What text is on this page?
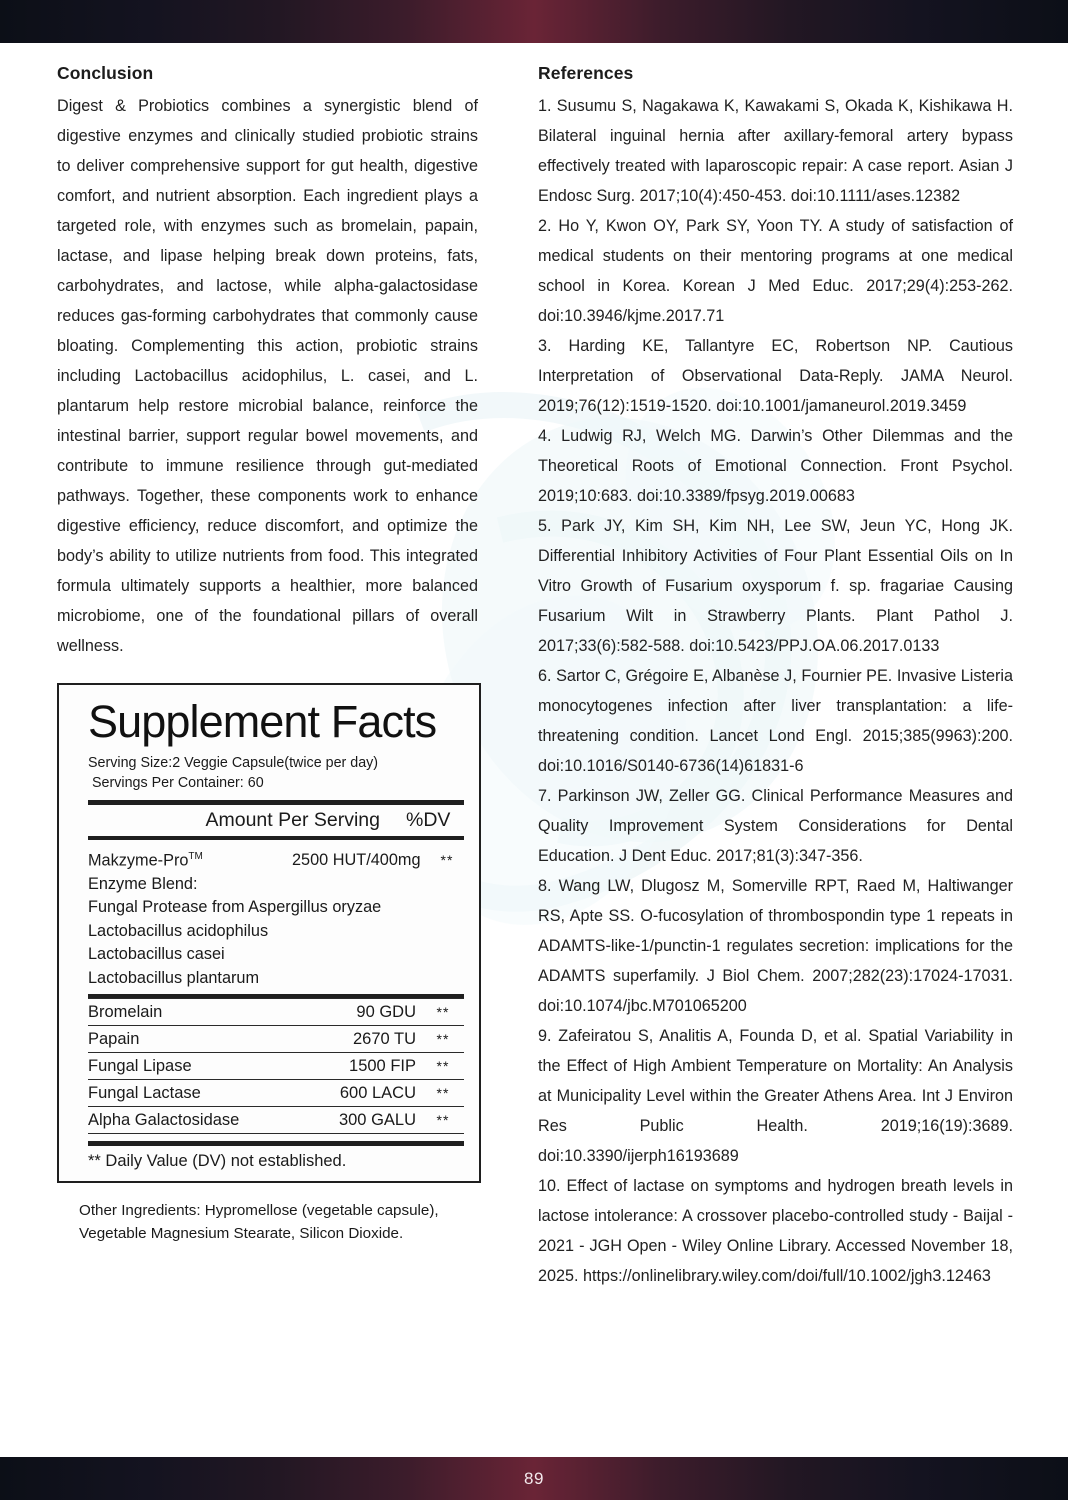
Conclusion

Digest & Probiotics combines a synergistic blend of digestive enzymes and clinically studied probiotic strains to deliver comprehensive support for gut health, digestive comfort, and nutrient absorption. Each ingredient plays a targeted role, with enzymes such as bromelain, papain, lactase, and lipase helping break down proteins, fats, carbohydrates, and lactose, while alpha-galactosidase reduces gas-forming carbohydrates that commonly cause bloating. Complementing this action, probiotic strains including Lactobacillus acidophilus, L. casei, and L. plantarum help restore microbial balance, reinforce the intestinal barrier, support regular bowel movements, and contribute to immune resilience through gut-mediated pathways. Together, these components work to enhance digestive efficiency, reduce discomfort, and optimize the body’s ability to utilize nutrients from food. This integrated formula ultimately supports a healthier, more balanced microbiome, one of the foundational pillars of overall wellness.

Supplement Facts
Serving Size:2 Veggie Capsule(twice per day)
Servings Per Container: 60
Amount Per Serving %DV
Makzyme-Pro™	2500 HUT/400mg	**
Enzyme Blend:
Fungal Protease from Aspergillus oryzae
Lactobacillus acidophilus
Lactobacillus casei
Lactobacillus plantarum
Bromelain	90 GDU	**
Papain	2670 TU	**
Fungal Lipase	1500 FIP	**
Fungal Lactase	600 LACU	**
Alpha Galactosidase	300 GALU	**
** Daily Value (DV) not established.
Other Ingredients: Hypromellose (vegetable capsule), Vegetable Magnesium Stearate, Silicon Dioxide.
References
1. Susumu S, Nagakawa K, Kawakami S, Okada K, Kishikawa H. Bilateral inguinal hernia after axillary-femoral artery bypass effectively treated with laparoscopic repair: A case report. Asian J Endosc Surg. 2017;10(4):450-453. doi:10.1111/ases.12382
2. Ho Y, Kwon OY, Park SY, Yoon TY. A study of satisfaction of medical students on their mentoring programs at one medical school in Korea. Korean J Med Educ. 2017;29(4):253-262. doi:10.3946/kjme.2017.71
3. Harding KE, Tallantyre EC, Robertson NP. Cautious Interpretation of Observational Data-Reply. JAMA Neurol. 2019;76(12):1519-1520. doi:10.1001/jamaneurol.2019.3459
4. Ludwig RJ, Welch MG. Darwin’s Other Dilemmas and the Theoretical Roots of Emotional Connection. Front Psychol. 2019;10:683. doi:10.3389/fpsyg.2019.00683
5. Park JY, Kim SH, Kim NH, Lee SW, Jeun YC, Hong JK. Differential Inhibitory Activities of Four Plant Essential Oils on In Vitro Growth of Fusarium oxysporum f. sp. fragariae Causing Fusarium Wilt in Strawberry Plants. Plant Pathol J. 2017;33(6):582-588. doi:10.5423/PPJ.OA.06.2017.0133
6. Sartor C, Grégoire E, Albanèse J, Fournier PE. Invasive Listeria monocytogenes infection after liver transplantation: a life-threatening condition. Lancet Lond Engl. 2015;385(9963):200. doi:10.1016/S0140-6736(14)61831-6
7. Parkinson JW, Zeller GG. Clinical Performance Measures and Quality Improvement System Considerations for Dental Education. J Dent Educ. 2017;81(3):347-356.
8. Wang LW, Dlugosz M, Somerville RPT, Raed M, Haltiwanger RS, Apte SS. O-fucosylation of thrombospondin type 1 repeats in ADAMTS-like-1/punctin-1 regulates secretion: implications for the ADAMTS superfamily. J Biol Chem. 2007;282(23):17024-17031. doi:10.1074/jbc.M701065200
9. Zafeiratou S, Analitis A, Founda D, et al. Spatial Variability in the Effect of High Ambient Temperature on Mortality: An Analysis at Municipality Level within the Greater Athens Area. Int J Environ Res Public Health. 2019;16(19):3689. doi:10.3390/ijerph16193689
10. Effect of lactase on symptoms and hydrogen breath levels in lactose intolerance: A crossover placebo-controlled study - Baijal - 2021 - JGH Open - Wiley Online Library. Accessed November 18, 2025. https://onlinelibrary.wiley.com/doi/full/10.1002/jgh3.12463
89
